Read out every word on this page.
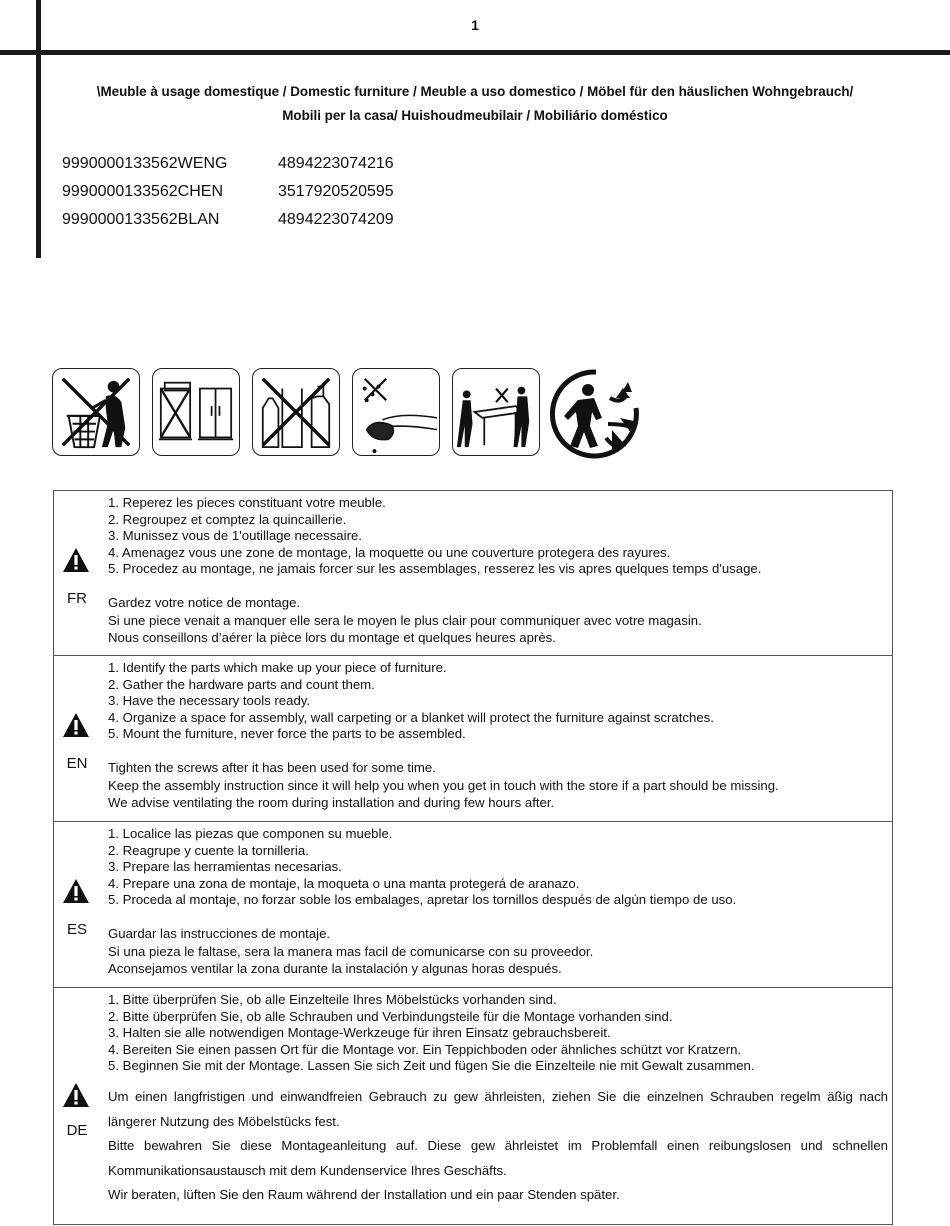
1
\Meuble à usage domestique / Domestic furniture / Meuble a uso domestico / Möbel für den häuslichen Wohngebrauch/
Mobili per la casa/ Huishoudmeubilair / Mobiliário doméstico
9990000133562WENG	4894223074216
9990000133562CHEN	3517920520595
9990000133562BLAN	4894223074209
FR
1. Reperez les pieces constituant votre meuble.
2. Regroupez et comptez la quincaillerie.
3. Munissez vous de 1'outillage necessaire.
4. Amenagez vous une zone de montage, la moquette ou une couverture protegera des rayures.
5. Procedez au montage, ne jamais forcer sur les assemblages, resserez les vis apres quelques temps d'usage.
Gardez votre notice de montage.
Si une piece venait a manquer elle sera le moyen le plus clair pour communiquer avec votre magasin.
Nous conseillons d’aérer la pièce lors du montage et quelques heures après.
EN
1. Identify the parts which make up your piece of furniture.
2. Gather the hardware parts and count them.
3. Have the necessary tools ready.
4. Organize a space for assembly, wall carpeting or a blanket will protect the furniture against scratches.
5. Mount the furniture, never force the parts to be assembled.
Tighten the screws after it has been used for some time.
Keep the assembly instruction since it will help you when you get in touch with the store if a part should be missing.
We advise ventilating the room during installation and during few hours after.
ES
1. Localice las piezas que componen su mueble.
2. Reagrupe y cuente la tornilleria.
3. Prepare las herramientas necesarias.
4. Prepare una zona de montaje, la moqueta o una manta protegerá de aranazo.
5. Proceda al montaje, no forzar soble los embalages, apretar los tornillos después de algún tiempo de uso.
Guardar las instrucciones de montaje.
Si una pieza le faltase, sera la manera mas facil de comunicarse con su proveedor.
Aconsejamos ventilar la zona durante la instalación y algunas horas después.
DE
1. Bitte überprüfen Sie, ob alle Einzelteile Ihres Möbelstücks vorhanden sind.
2. Bitte überprüfen Sie, ob alle Schrauben und Verbindungsteile für die Montage vorhanden sind.
3. Halten sie alle notwendigen Montage-Werkzeuge für ihren Einsatz gebrauchsbereit.
4. Bereiten Sie einen passen Ort für die Montage vor. Ein Teppichboden oder ähnliches schützt vor Kratzern.
5. Beginnen Sie mit der Montage. Lassen Sie sich Zeit und fügen Sie die Einzelteile nie mit Gewalt zusammen.
Um einen langfristigen und einwandfreien Gebrauch zu gew ährleisten, ziehen Sie die einzelnen Schrauben regelm äßig nach längerer Nutzung des Möbelstücks fest.
Bitte bewahren Sie diese Montageanleitung auf. Diese gew ährleistet im Problemfall einen reibungslosen und schnellen Kommunikationsaustausch mit dem Kundenservice Ihres Geschäfts.
Wir beraten, lüften Sie den Raum während der Installation und ein paar Stenden später.
